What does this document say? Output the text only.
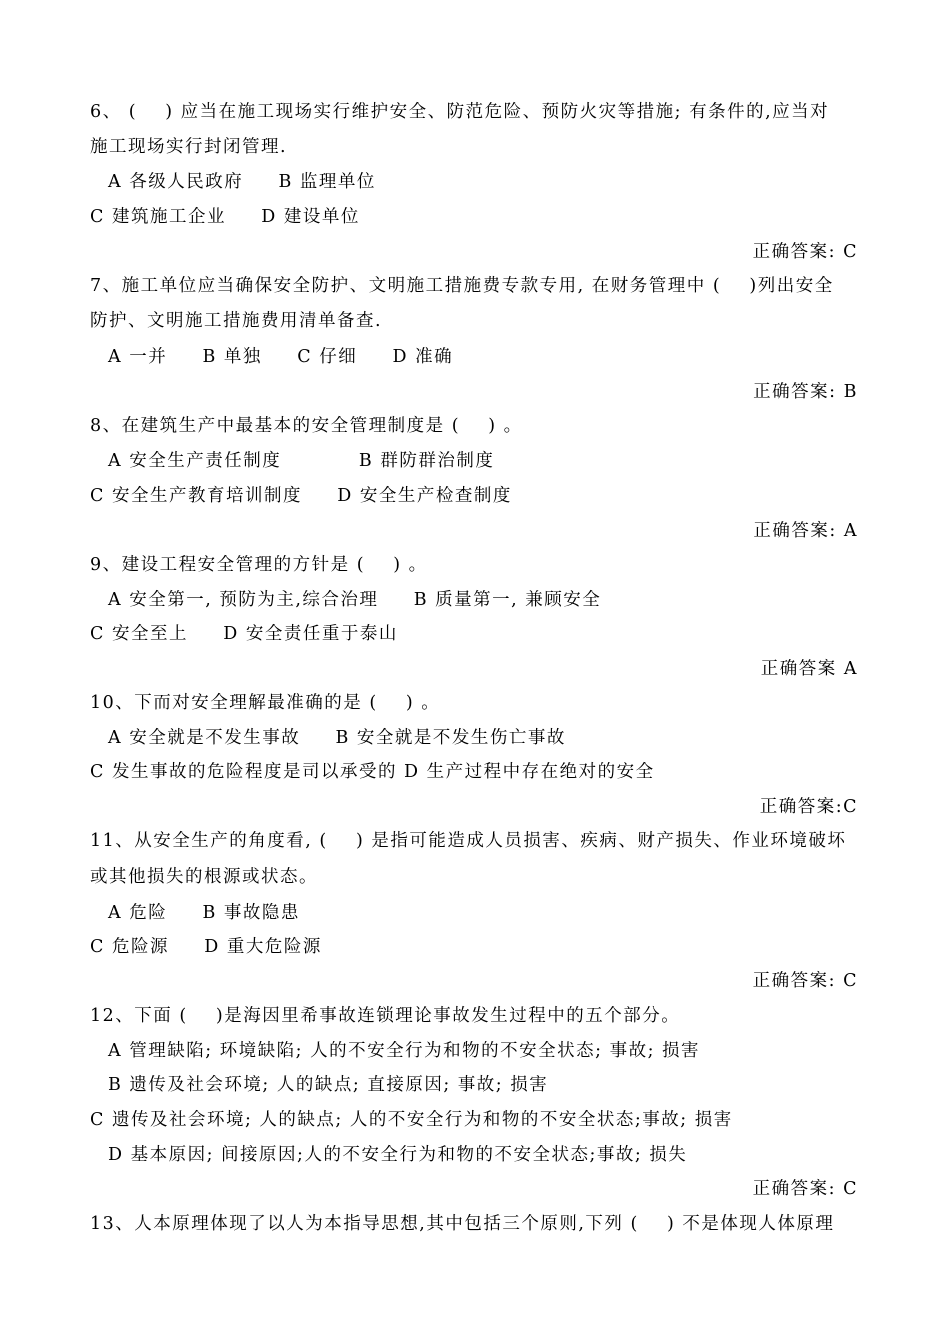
6、 (    ) 应当在施工现场实行维护安全、防范危险、预防火灾等措施; 有条件的,应当对
施工现场实行封闭管理.
A 各级人民政府     B 监理单位
C 建筑施工企业     D 建设单位
正确答案: C
7、施工单位应当确保安全防护、文明施工措施费专款专用, 在财务管理中 (    )列出安全
防护、文明施工措施费用清单备查.
A 一并     B 单独     C 仔细     D 准确
正确答案: B
8、在建筑生产中最基本的安全管理制度是 (    ) 。
A 安全生产责任制度           B 群防群治制度
C 安全生产教育培训制度     D 安全生产检查制度
正确答案: A
9、建设工程安全管理的方针是 (    ) 。
A 安全第一, 预防为主,综合治理     B 质量第一, 兼顾安全
C 安全至上     D 安全责任重于泰山
正确答案 A
10、下而对安全理解最准确的是 (    ) 。
A 安全就是不发生事故     B 安全就是不发生伤亡事故
C 发生事故的危险程度是司以承受的 D 生产过程中存在绝对的安全
正确答案:C
11、从安全生产的角度看, (    ) 是指可能造成人员损害、疾病、财产损失、作业环境破坏
或其他损失的根源或状态。
A 危险     B 事故隐患
C 危险源     D 重大危险源
正确答案: C
12、下面 (    )是海因里希事故连锁理论事故发生过程中的五个部分。
A 管理缺陷; 环境缺陷; 人的不安全行为和物的不安全状态; 事故; 损害
B 遗传及社会环境; 人的缺点; 直接原因; 事故; 损害
C 遗传及社会环境; 人的缺点; 人的不安全行为和物的不安全状态;事故; 损害
D 基本原因; 间接原因;人的不安全行为和物的不安全状态;事故; 损失
正确答案: C
13、人本原理体现了以人为本指导思想,其中包括三个原则,下列 (    ) 不是体现人体原理
